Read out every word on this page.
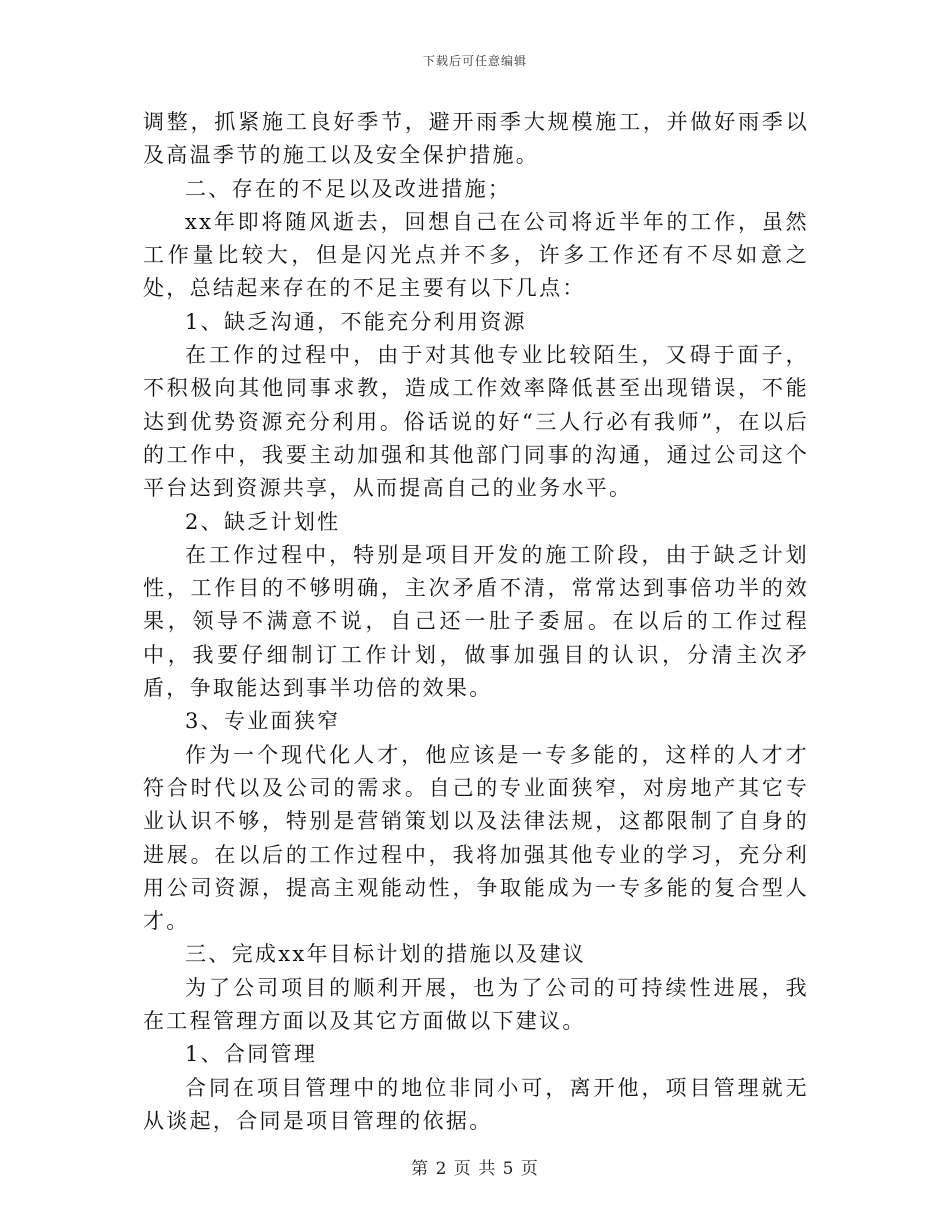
下载后可任意编辑

调整，抓紧施工良好季节，避开雨季大规模施工，并做好雨季以及高温季节的施工以及安全保护措施。

二、存在的不足以及改进措施；

xx年即将随风逝去，回想自己在公司将近半年的工作，虽然工作量比较大，但是闪光点并不多，许多工作还有不尽如意之处，总结起来存在的不足主要有以下几点：

1、缺乏沟通，不能充分利用资源

在工作的过程中，由于对其他专业比较陌生，又碍于面子，不积极向其他同事求教，造成工作效率降低甚至出现错误，不能达到优势资源充分利用。俗话说的好“三人行必有我师”，在以后的工作中，我要主动加强和其他部门同事的沟通，通过公司这个平台达到资源共享，从而提高自己的业务水平。

2、缺乏计划性

在工作过程中，特别是项目开发的施工阶段，由于缺乏计划性，工作目的不够明确，主次矛盾不清，常常达到事倍功半的效果，领导不满意不说，自己还一肚子委屈。在以后的工作过程中，我要仔细制订工作计划，做事加强目的认识，分清主次矛盾，争取能达到事半功倍的效果。

3、专业面狭窄

作为一个现代化人才，他应该是一专多能的，这样的人才才符合时代以及公司的需求。自己的专业面狭窄，对房地产其它专业认识不够，特别是营销策划以及法律法规，这都限制了自身的进展。在以后的工作过程中，我将加强其他专业的学习，充分利用公司资源，提高主观能动性，争取能成为一专多能的复合型人才。

三、完成xx年目标计划的措施以及建议

为了公司项目的顺利开展，也为了公司的可持续性进展，我在工程管理方面以及其它方面做以下建议。

1、合同管理

合同在项目管理中的地位非同小可，离开他，项目管理就无从谈起，合同是项目管理的依据。

第 2 页 共 5 页
